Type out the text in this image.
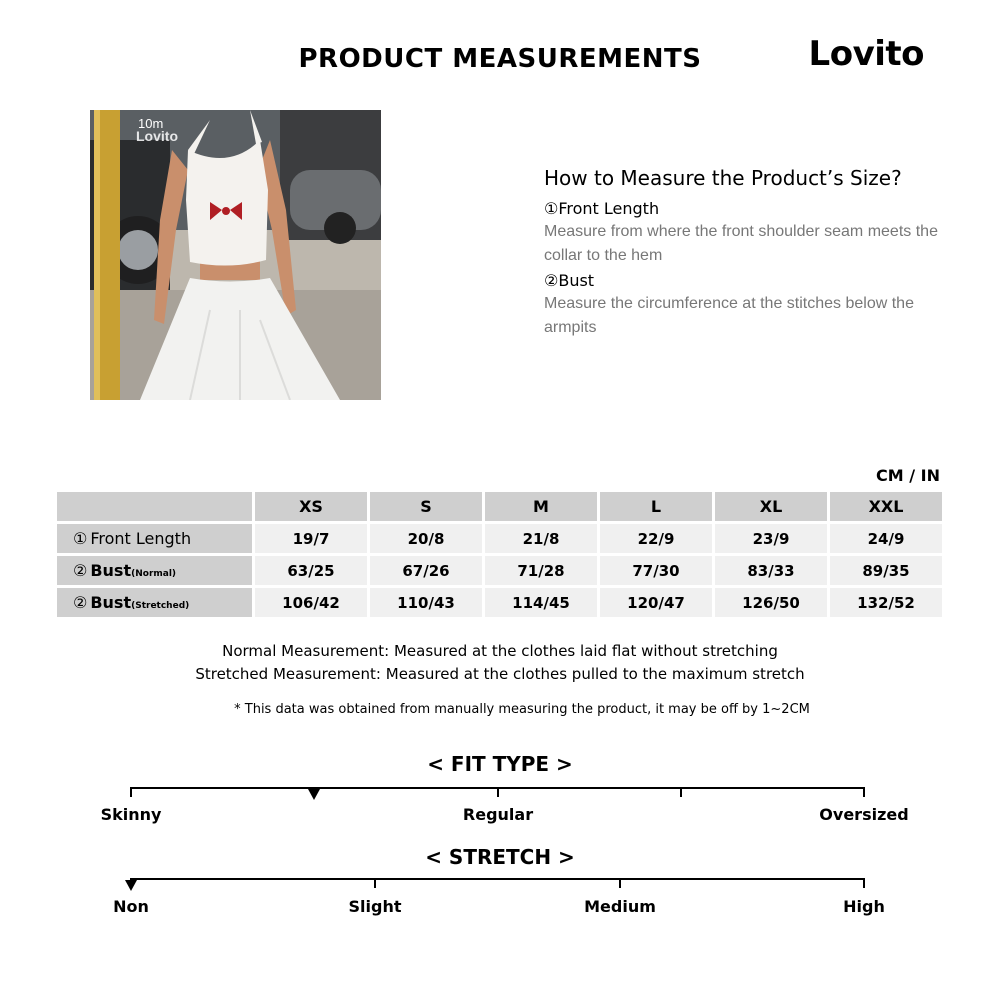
PRODUCT MEASUREMENTS	Lovito
10m
Lovito
How to Measure the Product’s Size?

①Front Length

Measure from where the front shoulder seam meets the collar to the hem

②Bust

Measure the circumference at the stitches below the armpits

CM / IN
	XS	S	M	L	XL	XXL
① Front Length	19/7	20/8	21/8	22/9	23/9	24/9
② Bust(Normal)	63/25	67/26	71/28	77/30	83/33	89/35
② Bust(Stretched)	106/42	110/43	114/45	120/47	126/50	132/52
Normal Measurement: Measured at the clothes laid flat without stretching
Stretched Measurement: Measured at the clothes pulled to the maximum stretch
* This data was obtained from manually measuring the product, it may be off by 1~2CM
< FIT TYPE >
Skinny	Regular	Oversized
< STRETCH >
Non	Slight	Medium	High
